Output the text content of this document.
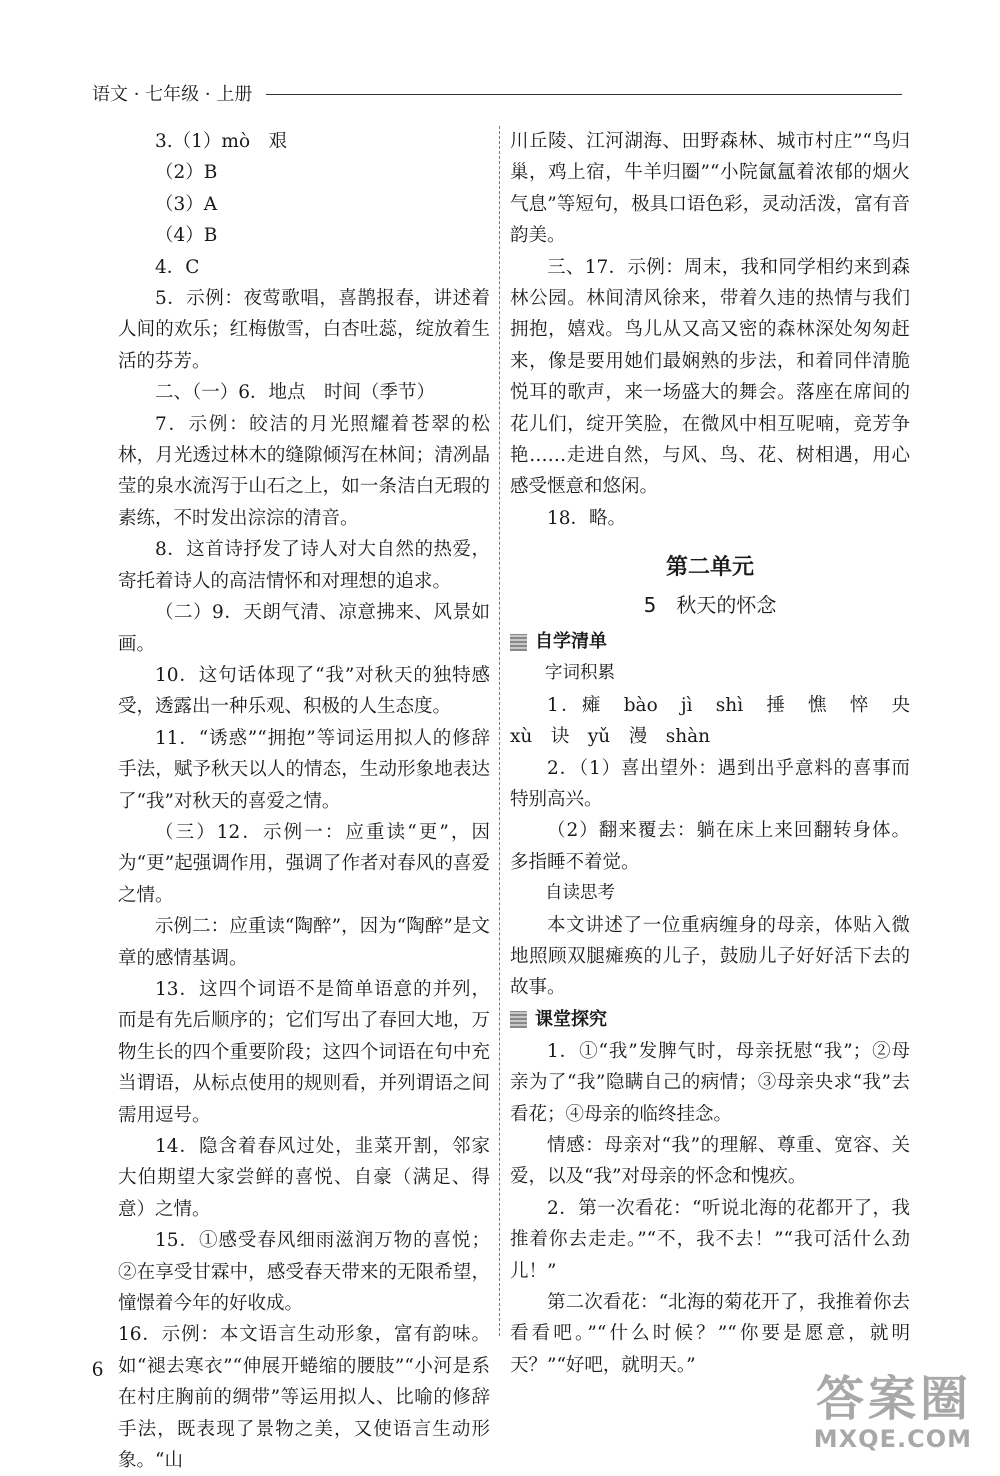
语文 · 七年级 · 上册

3.（1）mò　艰

（2）B

（3）A

（4）B

4．C

5．示例：夜莺歌唱，喜鹊报春，讲述着人间的欢乐；红梅傲雪，白杏吐蕊，绽放着生活的芬芳。

二、（一）6．地点　时间（季节）

7．示例：皎洁的月光照耀着苍翠的松林，月光透过林木的缝隙倾泻在林间；清冽晶莹的泉水流泻于山石之上，如一条洁白无瑕的素练，不时发出淙淙的清音。

8．这首诗抒发了诗人对大自然的热爱，寄托着诗人的高洁情怀和对理想的追求。

（二）9．天朗气清、凉意拂来、风景如画。

10．这句话体现了“我”对秋天的独特感受，透露出一种乐观、积极的人生态度。

11．“诱惑”“拥抱”等词运用拟人的修辞手法，赋予秋天以人的情态，生动形象地表达了“我”对秋天的喜爱之情。

（三）12．示例一：应重读“更”，因为“更”起强调作用，强调了作者对春风的喜爱之情。

示例二：应重读“陶醉”，因为“陶醉”是文章的感情基调。

13．这四个词语不是简单语意的并列，而是有先后顺序的；它们写出了春回大地，万物生长的四个重要阶段；这四个词语在句中充当谓语，从标点使用的规则看，并列谓语之间需用逗号。

14．隐含着春风过处，韭菜开割，邻家大伯期望大家尝鲜的喜悦、自豪（满足、得意）之情。

15．①感受春风细雨滋润万物的喜悦；②在享受甘霖中，感受春天带来的无限希望，憧憬着今年的好收成。

16．示例：本文语言生动形象，富有韵味。如“褪去寒衣”“伸展开蜷缩的腰肢”“小河是系在村庄胸前的绸带”等运用拟人、比喻的修辞手法，既表现了景物之美，又使语言生动形象。“山

川丘陵、江河湖海、田野森林、城市村庄”“鸟归巢，鸡上宿，牛羊归圈”“小院氤氲着浓郁的烟火气息”等短句，极具口语色彩，灵动活泼，富有音韵美。

三、17．示例：周末，我和同学相约来到森林公园。林间清风徐来，带着久违的热情与我们拥抱，嬉戏。鸟儿从又高又密的森林深处匆匆赶来，像是要用她们最娴熟的步法，和着同伴清脆悦耳的歌声，来一场盛大的舞会。落座在席间的花儿们，绽开笑脸，在微风中相互呢喃，竞芳争艳……走进自然，与风、鸟、花、树相遇，用心感受惬意和悠闲。

18．略。

第二单元
5　秋天的怀念
自学清单
字词积累

1．瘫　bào　jì　shì　捶　憔　悴　央　xù　诀　yǔ　漫　shàn

2．（1）喜出望外：遇到出乎意料的喜事而特别高兴。

（2）翻来覆去：躺在床上来回翻转身体。多指睡不着觉。

自读思考

本文讲述了一位重病缠身的母亲，体贴入微地照顾双腿瘫痪的儿子，鼓励儿子好好活下去的故事。

课堂探究

1．①“我”发脾气时，母亲抚慰“我”；②母亲为了“我”隐瞒自己的病情；③母亲央求“我”去看花；④母亲的临终挂念。

情感：母亲对“我”的理解、尊重、宽容、关爱，以及“我”对母亲的怀念和愧疚。

2．第一次看花：“听说北海的花都开了，我推着你去走走。”“不，我不去！”“我可活什么劲儿！”

第二次看花：“北海的菊花开了，我推着你去看看吧。”“什么时候？”“你要是愿意，就明天？”“好吧，就明天。”

6
答案圈
MXQE.COM
